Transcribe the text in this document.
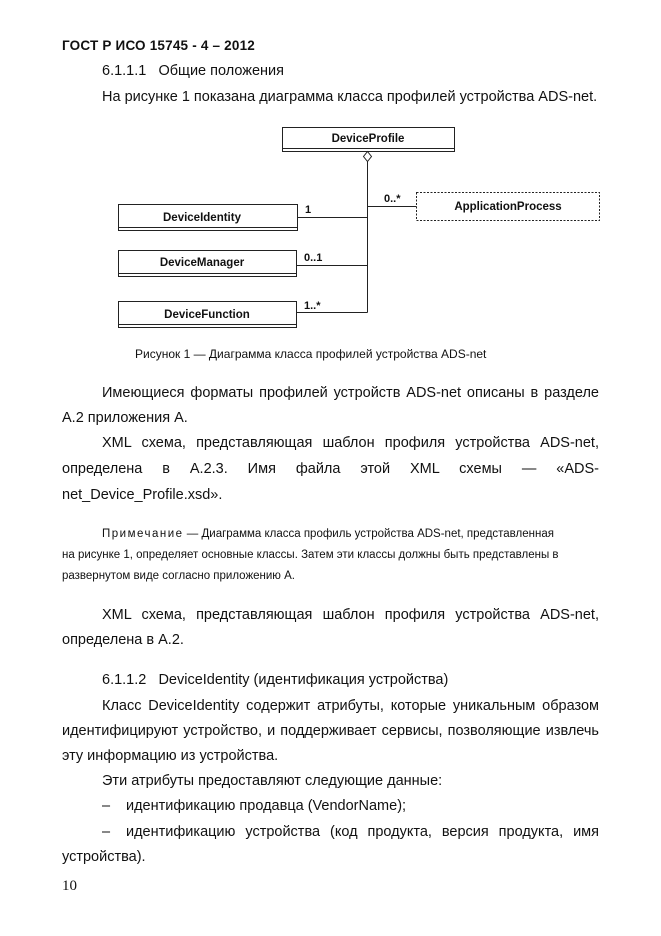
ГОСТ Р ИСО 15745 - 4 – 2012
6.1.1.1 Общие положения
На рисунке 1 показана диаграмма класса профилей устройства ADS-net.
DeviceProfile
ApplicationProcess
DeviceIdentity
DeviceManager
DeviceFunction
0..*
1
0..1
1..*
Рисунок 1 — Диаграмма класса профилей устройства ADS-net
Имеющиеся форматы профилей устройств ADS-net описаны в разделе
А.2 приложения А.
XML схема, представляющая шаблон профиля устройства ADS-net,
определена в А.2.3. Имя файла этой XML схемы — «ADS-
net_Device_Profile.xsd».
Примечание — Диаграмма класса профиль устройства ADS-net, представленная
на рисунке 1, определяет основные классы. Затем эти классы должны быть представлены в
развернутом виде согласно приложению А.
XML схема, представляющая шаблон профиля устройства ADS-net,
определена в А.2.
6.1.1.2 DeviceIdentity (идентификация устройства)
Класс DeviceIdentity содержит атрибуты, которые уникальным образом
идентифицируют устройство, и поддерживает сервисы, позволяющие извлечь
эту информацию из устройства.
Эти атрибуты предоставляют следующие данные:
– идентификацию продавца (VendorName);
– идентификацию устройства (код продукта, версия продукта, имя
устройства).
10
